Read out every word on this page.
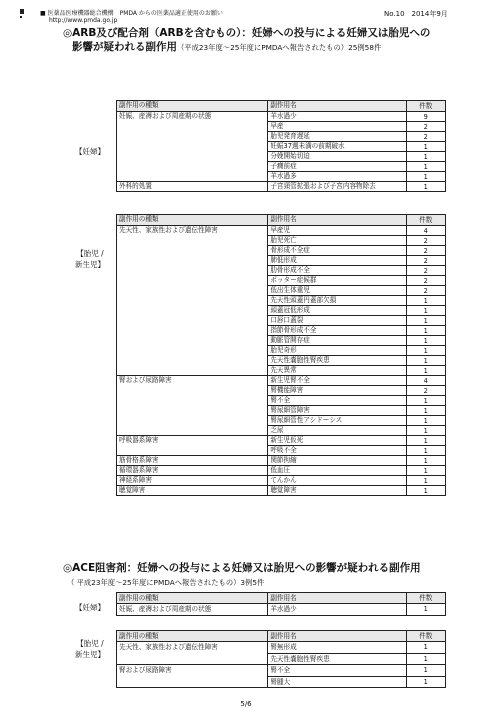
■ 医薬品医療機器総合機構　PMDA からの医薬品適正使用のお願い
http://www.pmda.go.jp
No.10　2014年9月
◎ARB及び配合剤（ARBを含むもの）：妊婦への投与による妊婦又は胎児への
影響が疑われる副作用（平成23年度～25年度にPMDAへ報告されたもの）25例58件
【妊婦】
副作用の種類	副作用名	件数
妊娠、産褥および周産期の状態	羊水過少	9
	早産	2
	胎児発育遅延	2
	妊娠37週未満の前期破水	1
	分娩開始切迫	1
	子癇前症	1
	羊水過多	1
外科的処置	子宮頸管拡張および子宮内容物除去	1
【胎児 /
新生児】
副作用の種類	副作用名	件数
先天性、家族性および遺伝性障害	早産児	4
	胎児死亡	2
	骨形成不全症	2
	肺低形成	2
	肋骨形成不全	2
	ポッター症候群	2
	低出生体重児	2
	先天性頭蓋円蓋部欠損	1
	頭蓋冠低形成	1
	口唇口蓋裂	1
	指節骨形成不全	1
	動脈管開存症	1
	胎児奇形	1
	先天性嚢胞性腎疾患	1
	先天異常	1
腎および尿路障害	新生児腎不全	4
	腎機能障害	2
	腎不全	1
	腎尿細管障害	1
	腎尿細管性アシドーシス	1
	乏尿	1
呼吸器系障害	新生児仮死	1
	呼吸不全	1
筋骨格系障害	関節拘縮	1
循環器系障害	低血圧	1
神経系障害	てんかん	1
聴覚障害	聴覚障害	1
◎ACE阻害剤：妊婦への投与による妊婦又は胎児への影響が疑われる副作用
（ 平成23年度～25年度にPMDAへ報告されたもの）3例5件
【妊婦】
副作用の種類	副作用名	件数
妊娠、産褥および周産期の状態	羊水過少	1
【胎児 /
新生児】
副作用の種類	副作用名	件数
先天性、家族性および遺伝性障害	腎無形成	1
	先天性嚢胞性腎疾患	1
腎および尿路障害	腎不全	1
	腎腫大	1
5/6
